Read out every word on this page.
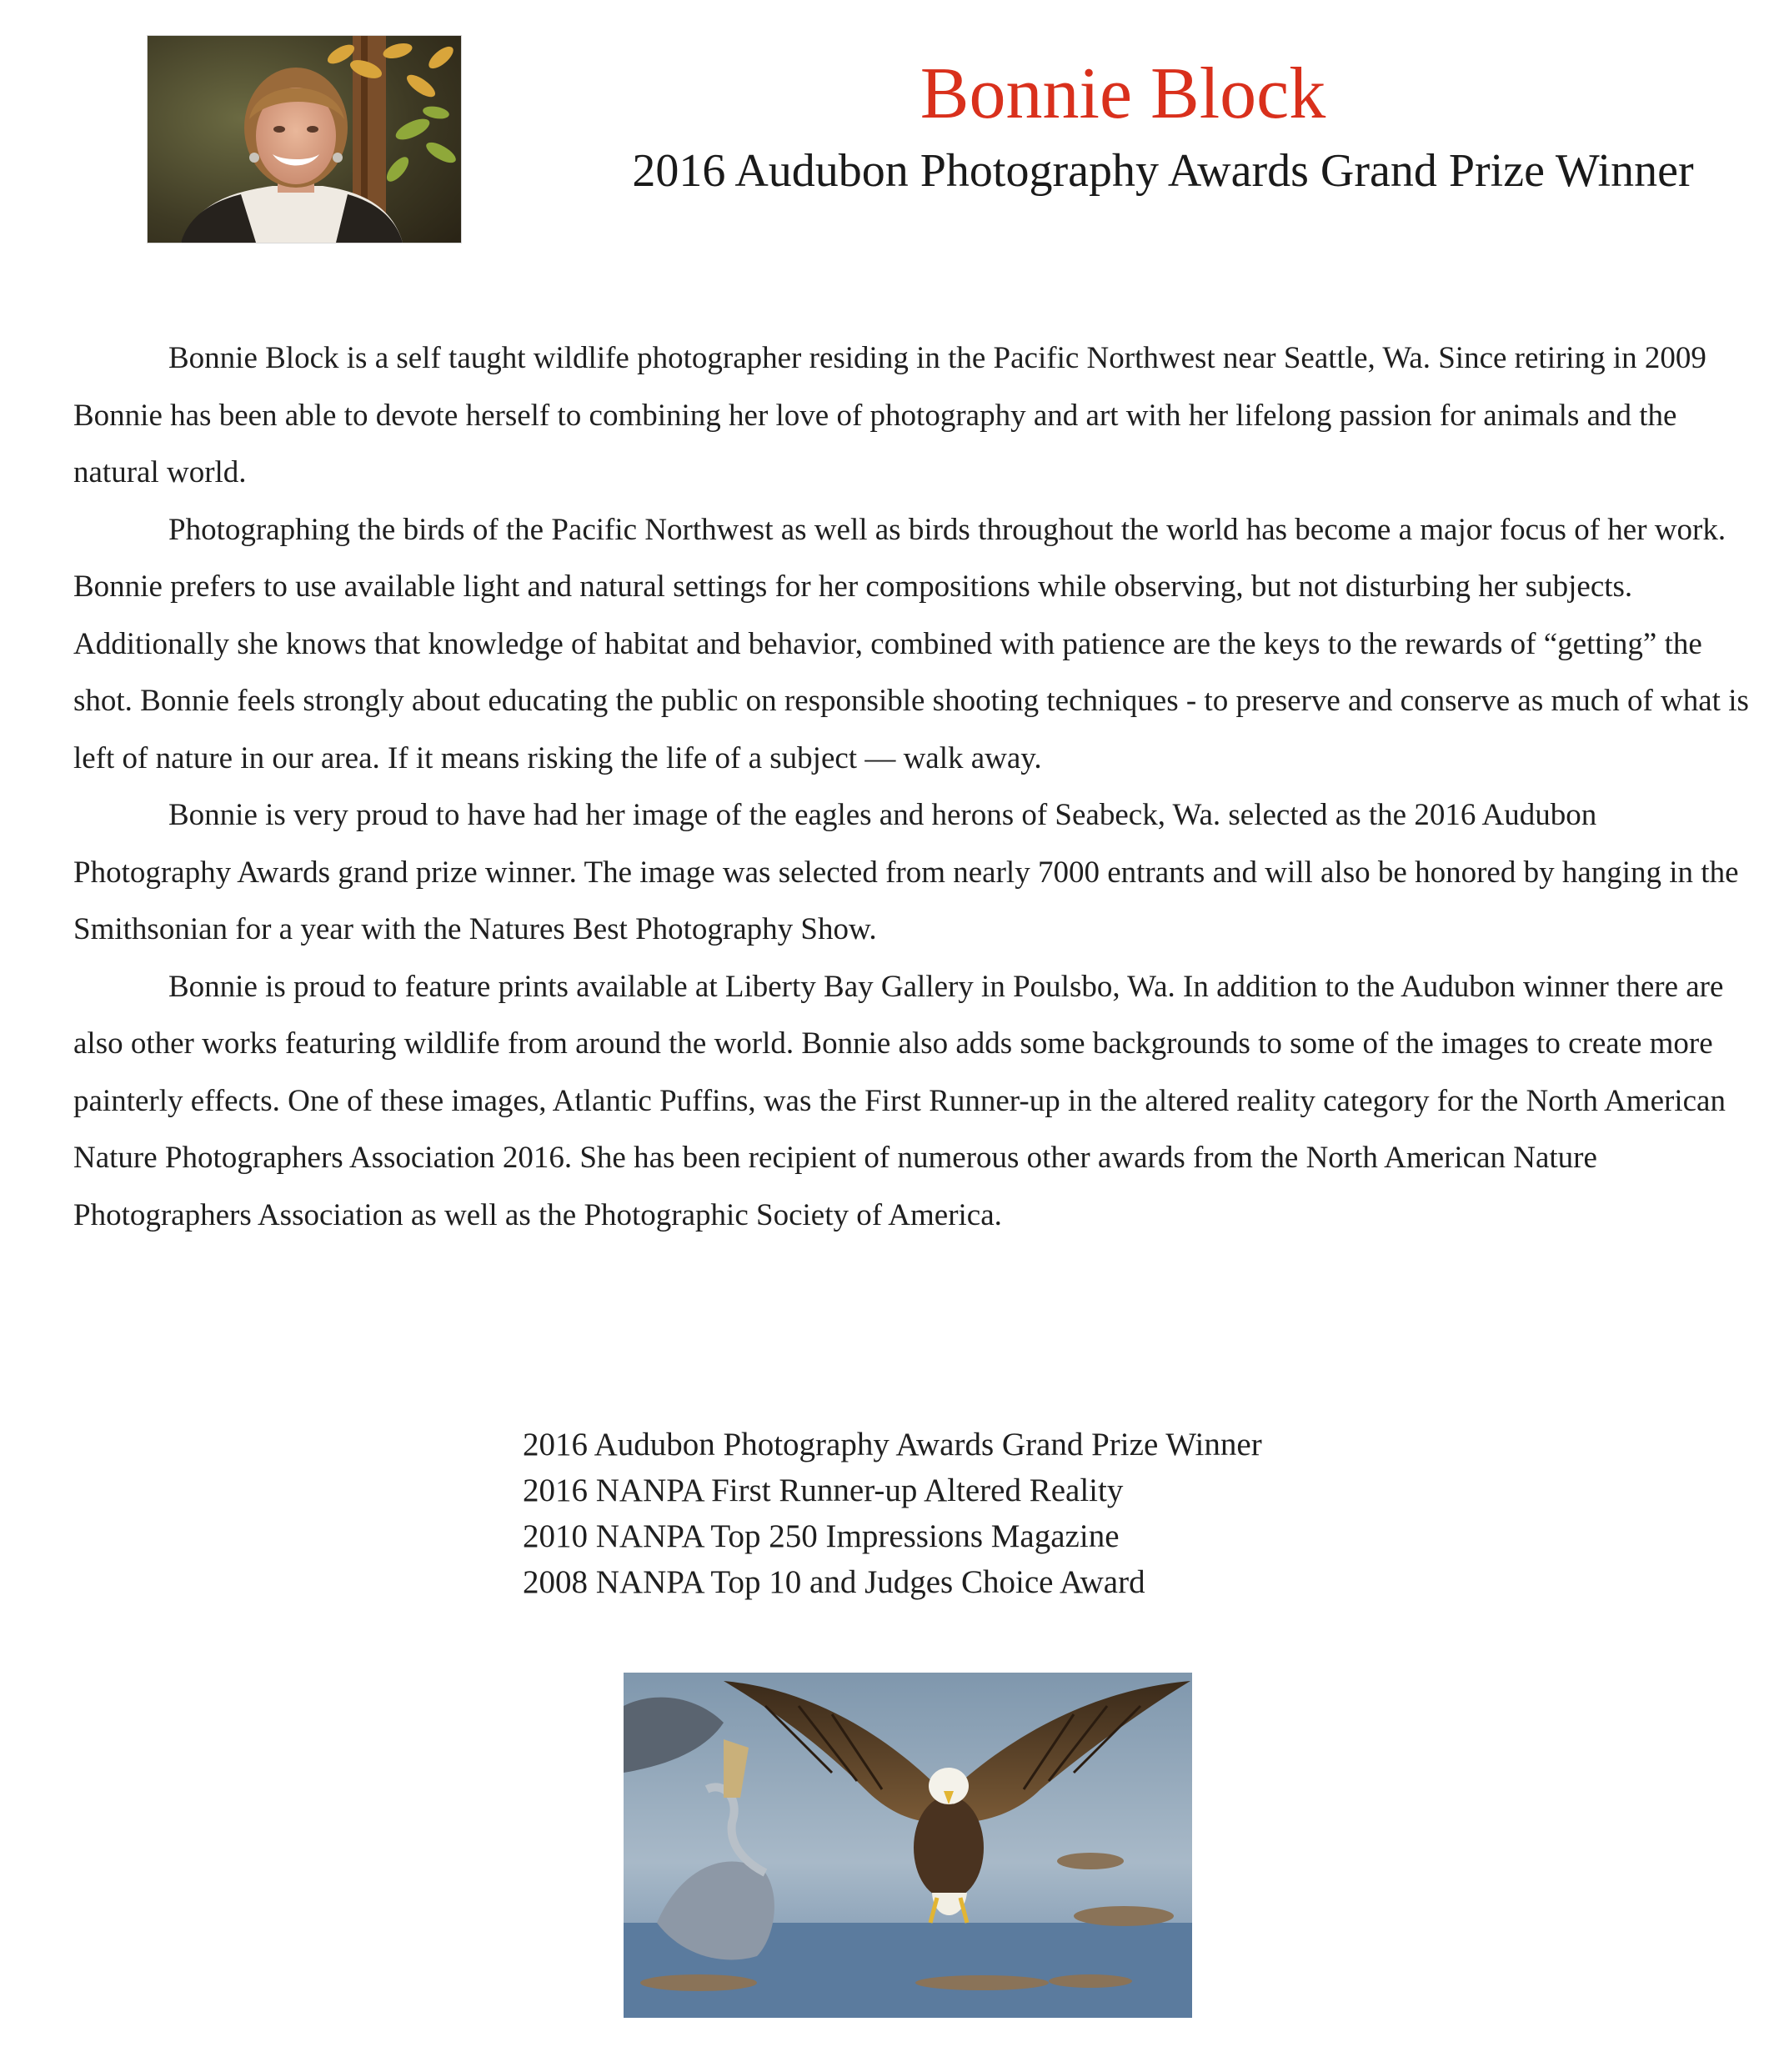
Bonnie Block
2016 Audubon Photography Awards Grand Prize Winner

Bonnie Block is a self taught wildlife photographer residing in the Pacific Northwest near Seattle, Wa. Since retiring in 2009 Bonnie has been able to devote herself to combining her love of photography and art with her lifelong passion for animals and the natural world.

Photographing the birds of the Pacific Northwest as well as birds throughout the world has become a major focus of her work. Bonnie prefers to use available light and natural settings for her compositions while observing, but not disturbing her subjects. Additionally she knows that knowledge of habitat and behavior, combined with patience are the keys to the rewards of “getting” the shot. Bonnie feels strongly about educating the public on responsible shooting techniques - to preserve and conserve as much of what is left of nature in our area. If it means risking the life of a subject — walk away.

Bonnie is very proud to have had her image of the eagles and herons of Seabeck, Wa. selected as the 2016 Audubon Photography Awards grand prize winner. The image was selected from nearly 7000 entrants and will also be honored by hanging in the Smithsonian for a year with the Natures Best Photography Show.

Bonnie is proud to feature prints available at Liberty Bay Gallery in Poulsbo, Wa. In addition to the Audubon winner there are also other works featuring wildlife from around the world. Bonnie also adds some backgrounds to some of the images to create more painterly effects. One of these images, Atlantic Puffins, was the First Runner-up in the altered reality category for the North American Nature Photographers Association 2016. She has been recipient of numerous other awards from the North American Nature Photographers Association as well as the Photographic Society of America.

2016 Audubon Photography Awards Grand Prize Winner
2016 NANPA First Runner-up Altered Reality
2010 NANPA Top 250 Impressions Magazine
2008 NANPA Top 10 and Judges Choice Award
